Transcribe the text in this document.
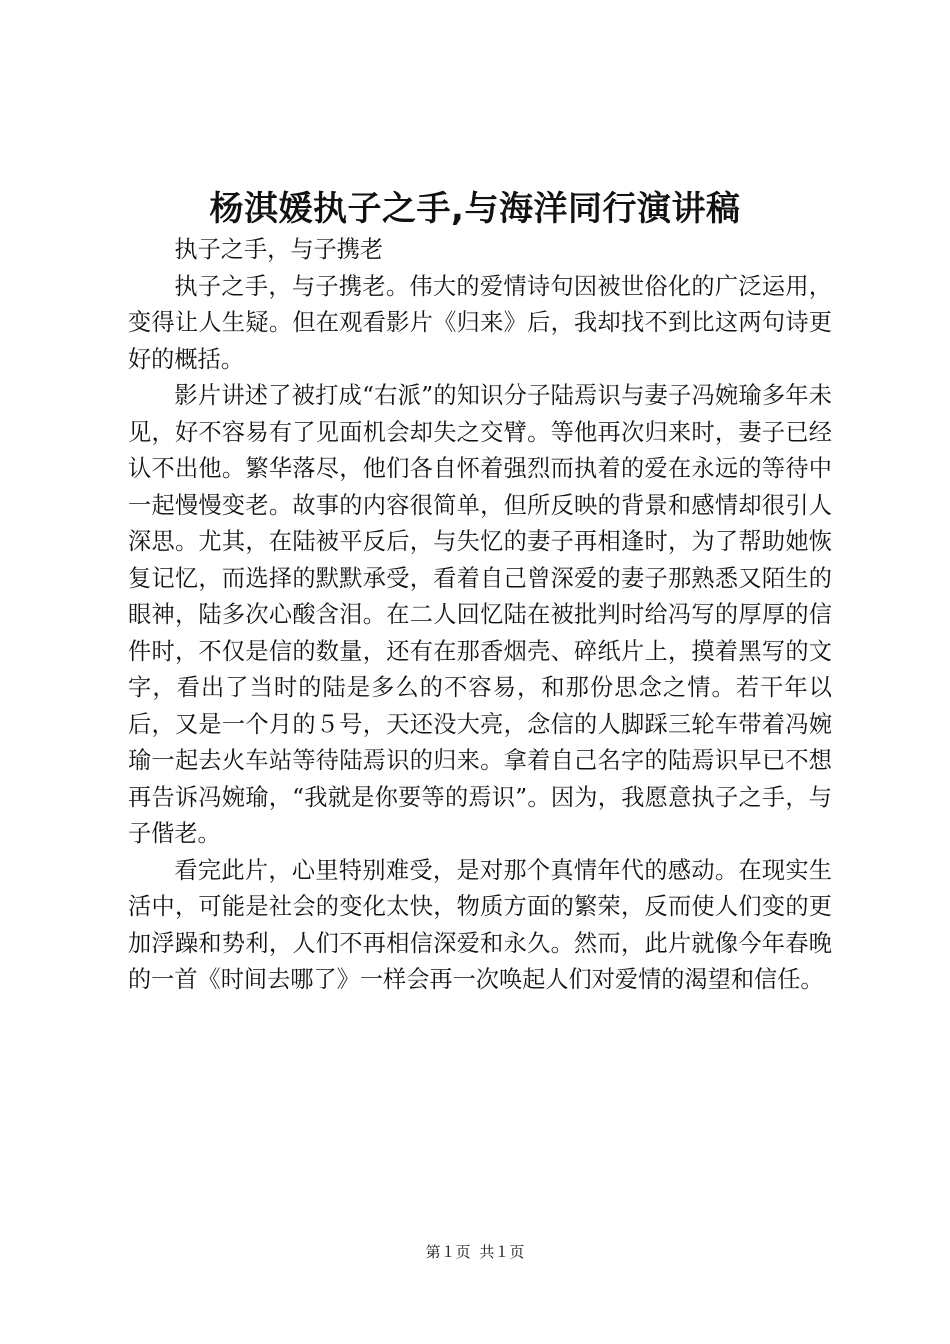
杨淇媛执子之手,与海洋同行演讲稿

执子之手，与子携老

执子之手，与子携老。伟大的爱情诗句因被世俗化的广泛运用，变得让人生疑。但在观看影片《归来》后，我却找不到比这两句诗更好的概括。

影片讲述了被打成“右派”的知识分子陆焉识与妻子冯婉瑜多年未见，好不容易有了见面机会却失之交臂。等他再次归来时，妻子已经认不出他。繁华落尽，他们各自怀着强烈而执着的爱在永远的等待中一起慢慢变老。故事的内容很简单，但所反映的背景和感情却很引人深思。尤其，在陆被平反后，与失忆的妻子再相逢时，为了帮助她恢复记忆，而选择的默默承受，看着自己曾深爱的妻子那熟悉又陌生的眼神，陆多次心酸含泪。在二人回忆陆在被批判时给冯写的厚厚的信件时，不仅是信的数量，还有在那香烟壳、碎纸片上，摸着黑写的文字，看出了当时的陆是多么的不容易，和那份思念之情。若干年以后，又是一个月的５号，天还没大亮，念信的人脚踩三轮车带着冯婉瑜一起去火车站等待陆焉识的归来。拿着自己名字的陆焉识早已不想再告诉冯婉瑜，“我就是你要等的焉识”。因为，我愿意执子之手，与子偕老。

看完此片，心里特别难受，是对那个真情年代的感动。在现实生活中，可能是社会的变化太快，物质方面的繁荣，反而使人们变的更加浮躁和势利，人们不再相信深爱和永久。然而，此片就像今年春晚的一首《时间去哪了》一样会再一次唤起人们对爱情的渴望和信任。

第１页 共１页
